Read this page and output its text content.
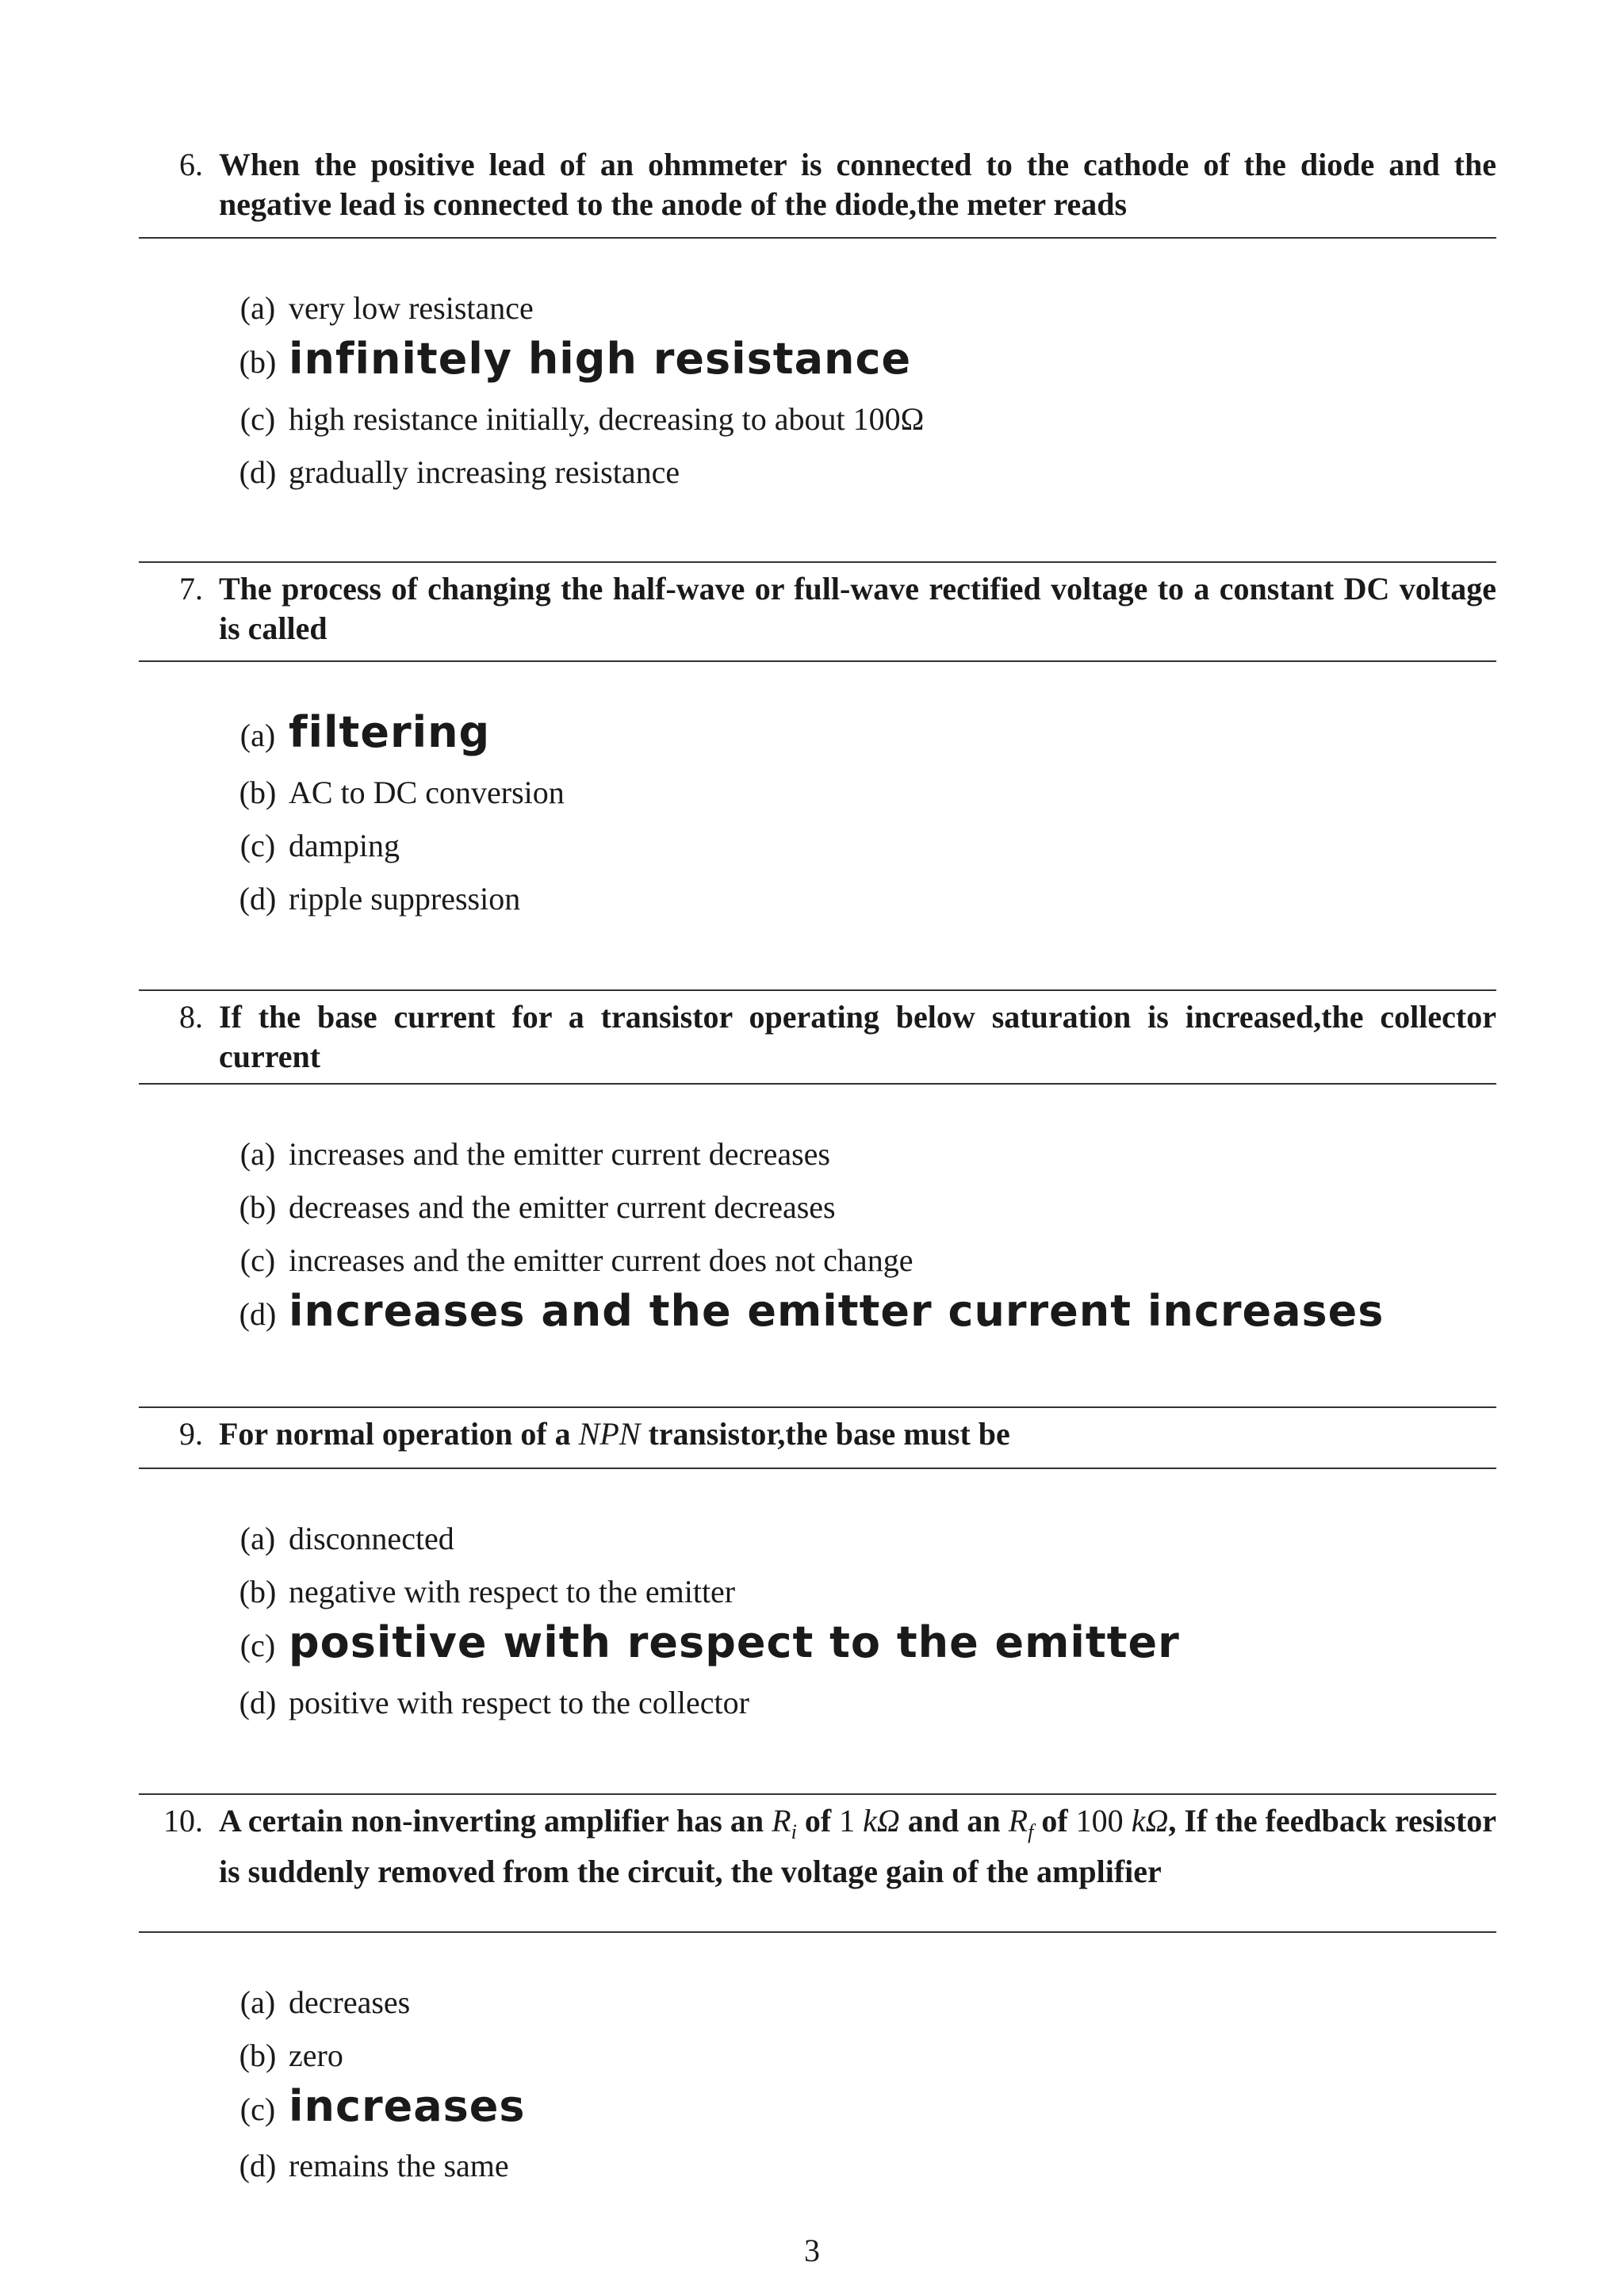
6. When the positive lead of an ohmmeter is connected to the cathode of the diode and the negative lead is connected to the anode of the diode,the meter reads
(a) very low resistance
(b) infinitely high resistance
(c) high resistance initially, decreasing to about 100Ω
(d) gradually increasing resistance
7. The process of changing the half-wave or full-wave rectified voltage to a constant DC voltage is called
(a) filtering
(b) AC to DC conversion
(c) damping
(d) ripple suppression
8. If the base current for a transistor operating below saturation is increased,the collector current
(a) increases and the emitter current decreases
(b) decreases and the emitter current decreases
(c) increases and the emitter current does not change
(d) increases and the emitter current increases
9. For normal operation of a NPN transistor,the base must be
(a) disconnected
(b) negative with respect to the emitter
(c) positive with respect to the emitter
(d) positive with respect to the collector
10. A certain non-inverting amplifier has an $R_i$ of 1 kΩ and an $R_f$ of 100 kΩ, If the feedback resistor is suddenly removed from the circuit, the voltage gain of the amplifier
(a) decreases
(b) zero
(c) increases
(d) remains the same
3
